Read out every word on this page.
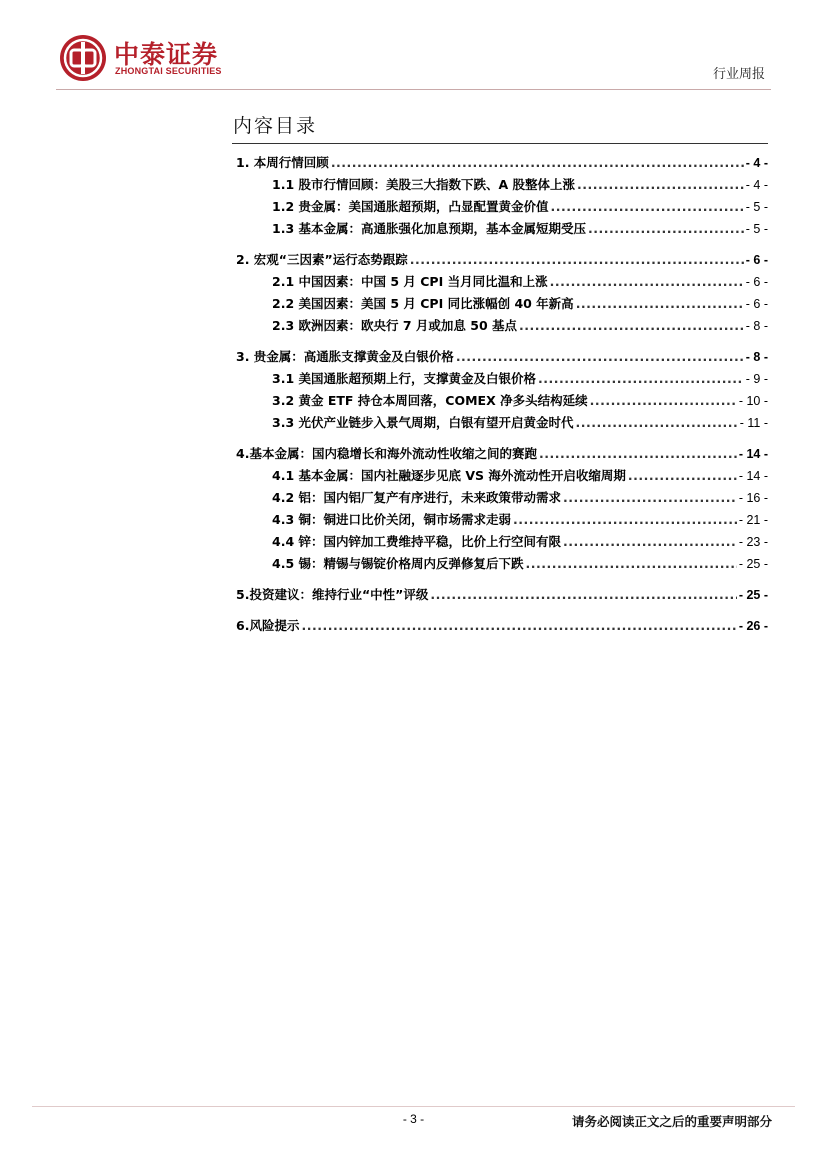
中泰证券
ZHONGTAI SECURITIES	行业周报
内容目录
1. 本周行情回顾 .....	- 4 -
1.1 股市行情回顾：美股三大指数下跌、A 股整体上涨 .....	- 4 -
1.2 贵金属：美国通胀超预期，凸显配置黄金价值 .....	- 5 -
1.3 基本金属：高通胀强化加息预期，基本金属短期受压 .....	- 5 -
2. 宏观“三因素”运行态势跟踪 .....	- 6 -
2.1 中国因素：中国 5 月 CPI 当月同比温和上涨 .....	- 6 -
2.2 美国因素：美国 5 月 CPI 同比涨幅创 40 年新高 .....	- 6 -
2.3 欧洲因素：欧央行 7 月或加息 50 基点 .....	- 8 -
3. 贵金属：高通胀支撑黄金及白银价格 .....	- 8 -
3.1 美国通胀超预期上行，支撑黄金及白银价格 .....	- 9 -
3.2 黄金 ETF 持仓本周回落，COMEX 净多头结构延续 .....	- 10 -
3.3 光伏产业链步入景气周期，白银有望开启黄金时代 .....	- 11 -
4.基本金属：国内稳增长和海外流动性收缩之间的赛跑 .....	- 14 -
4.1 基本金属：国内社融逐步见底 VS 海外流动性开启收缩周期 .....	- 14 -
4.2 铝：国内铝厂复产有序进行，未来政策带动需求 .....	- 16 -
4.3 铜：铜进口比价关闭，铜市场需求走弱 .....	- 21 -
4.4 锌：国内锌加工费维持平稳，比价上行空间有限 .....	- 23 -
4.5 锡：精锡与锡锭价格周内反弹修复后下跌 .....	- 25 -
5.投资建议：维持行业“中性”评级 .....	- 25 -
6.风险提示 .....	- 26 -
- 3 -	请务必阅读正文之后的重要声明部分
